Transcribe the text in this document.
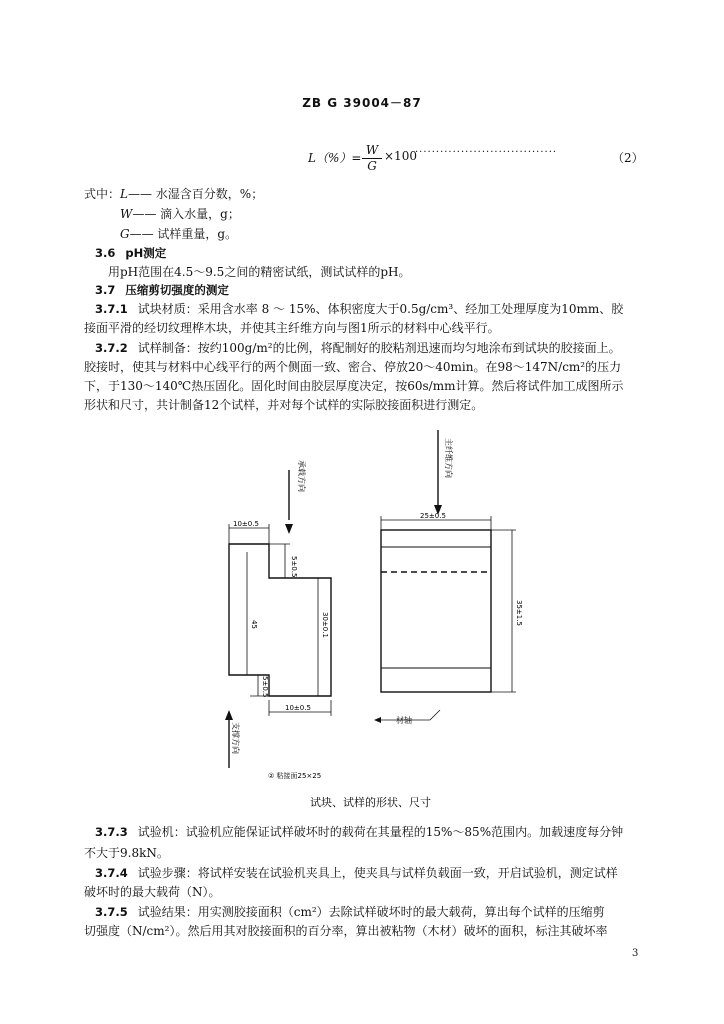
ZB G 39004－87
$L(\%)= \frac{W}{G} \times 100$
··································	（2）
式中：L—— 水湿含百分数，%；
W—— 滴入水量，g；
G—— 试样重量，g。
3.6 pH测定
用pH范围在4.5～9.5之间的精密试纸，测试试样的pH。
3.7 压缩剪切强度的测定
3.7.1 试块材质：采用含水率 8 ～ 15%、体积密度大于0.5g/cm³、经加工处理厚度为10mm、胶
接面平滑的经切纹理桦木块，并使其主纤维方向与图1所示的材料中心线平行。
3.7.2 试样制备：按约100g/m²的比例，将配制好的胶粘剂迅速而均匀地涂布到试块的胶接面上。
胶接时，使其与材料中心线平行的两个侧面一致、密合、停放20～40min。在98～147N/cm²的压力
下，于130～140℃热压固化。固化时间由胶层厚度决定，按60s/mm计算。然后将试件加工成图所示
形状和尺寸，共计制备12个试样，并对每个试样的实际胶接面积进行测定。
承载方向	主纤维方向
支撑方向
5±0.5
45	30±0.1
5±0.5
35±1.5
10±0.5
10±0.5
25±0.5
材轴
② 粘接面25×25
试块、试样的形状、尺寸
3.7.3 试验机：试验机应能保证试样破坏时的载荷在其量程的15%～85%范围内。加载速度每分钟
不大于9.8kN。
3.7.4 试验步骤：将试样安装在试验机夹具上，使夹具与试样负载面一致，开启试验机，测定试样
破坏时的最大载荷（N）。
3.7.5 试验结果：用实测胶接面积（cm²）去除试样破坏时的最大载荷，算出每个试样的压缩剪
切强度（N/cm²）。然后用其对胶接面积的百分率，算出被粘物（木材）破坏的面积，标注其破坏率
3
